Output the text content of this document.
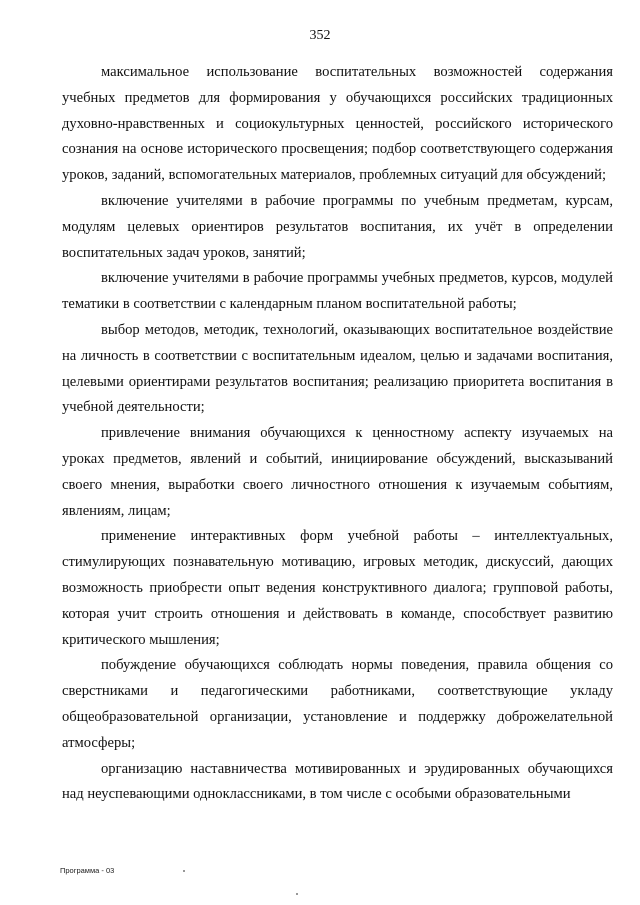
352

максимальное использование воспитательных возможностей содержания учебных предметов для формирования у обучающихся российских традиционных духовно-нравственных и социокультурных ценностей, российского исторического сознания на основе исторического просвещения; подбор соответствующего содержания уроков, заданий, вспомогательных материалов, проблемных ситуаций для обсуждений;

включение учителями в рабочие программы по учебным предметам, курсам, модулям целевых ориентиров результатов воспитания, их учёт в определении воспитательных задач уроков, занятий;

включение учителями в рабочие программы учебных предметов, курсов, модулей тематики в соответствии с календарным планом воспитательной работы;

выбор методов, методик, технологий, оказывающих воспитательное воздействие на личность в соответствии с воспитательным идеалом, целью и задачами воспитания, целевыми ориентирами результатов воспитания; реализацию приоритета воспитания в учебной деятельности;

привлечение внимания обучающихся к ценностному аспекту изучаемых на уроках предметов, явлений и событий, инициирование обсуждений, высказываний своего мнения, выработки своего личностного отношения к изучаемым событиям, явлениям, лицам;

применение интерактивных форм учебной работы – интеллектуальных, стимулирующих познавательную мотивацию, игровых методик, дискуссий, дающих возможность приобрести опыт ведения конструктивного диалога; групповой работы, которая учит строить отношения и действовать в команде, способствует развитию критического мышления;

побуждение обучающихся соблюдать нормы поведения, правила общения со сверстниками и педагогическими работниками, соответствующие укладу общеобразовательной организации, установление и поддержку доброжелательной атмосферы;

организацию наставничества мотивированных и эрудированных обучающихся над неуспевающими одноклассниками, в том числе с особыми образовательными

Программа - 03
